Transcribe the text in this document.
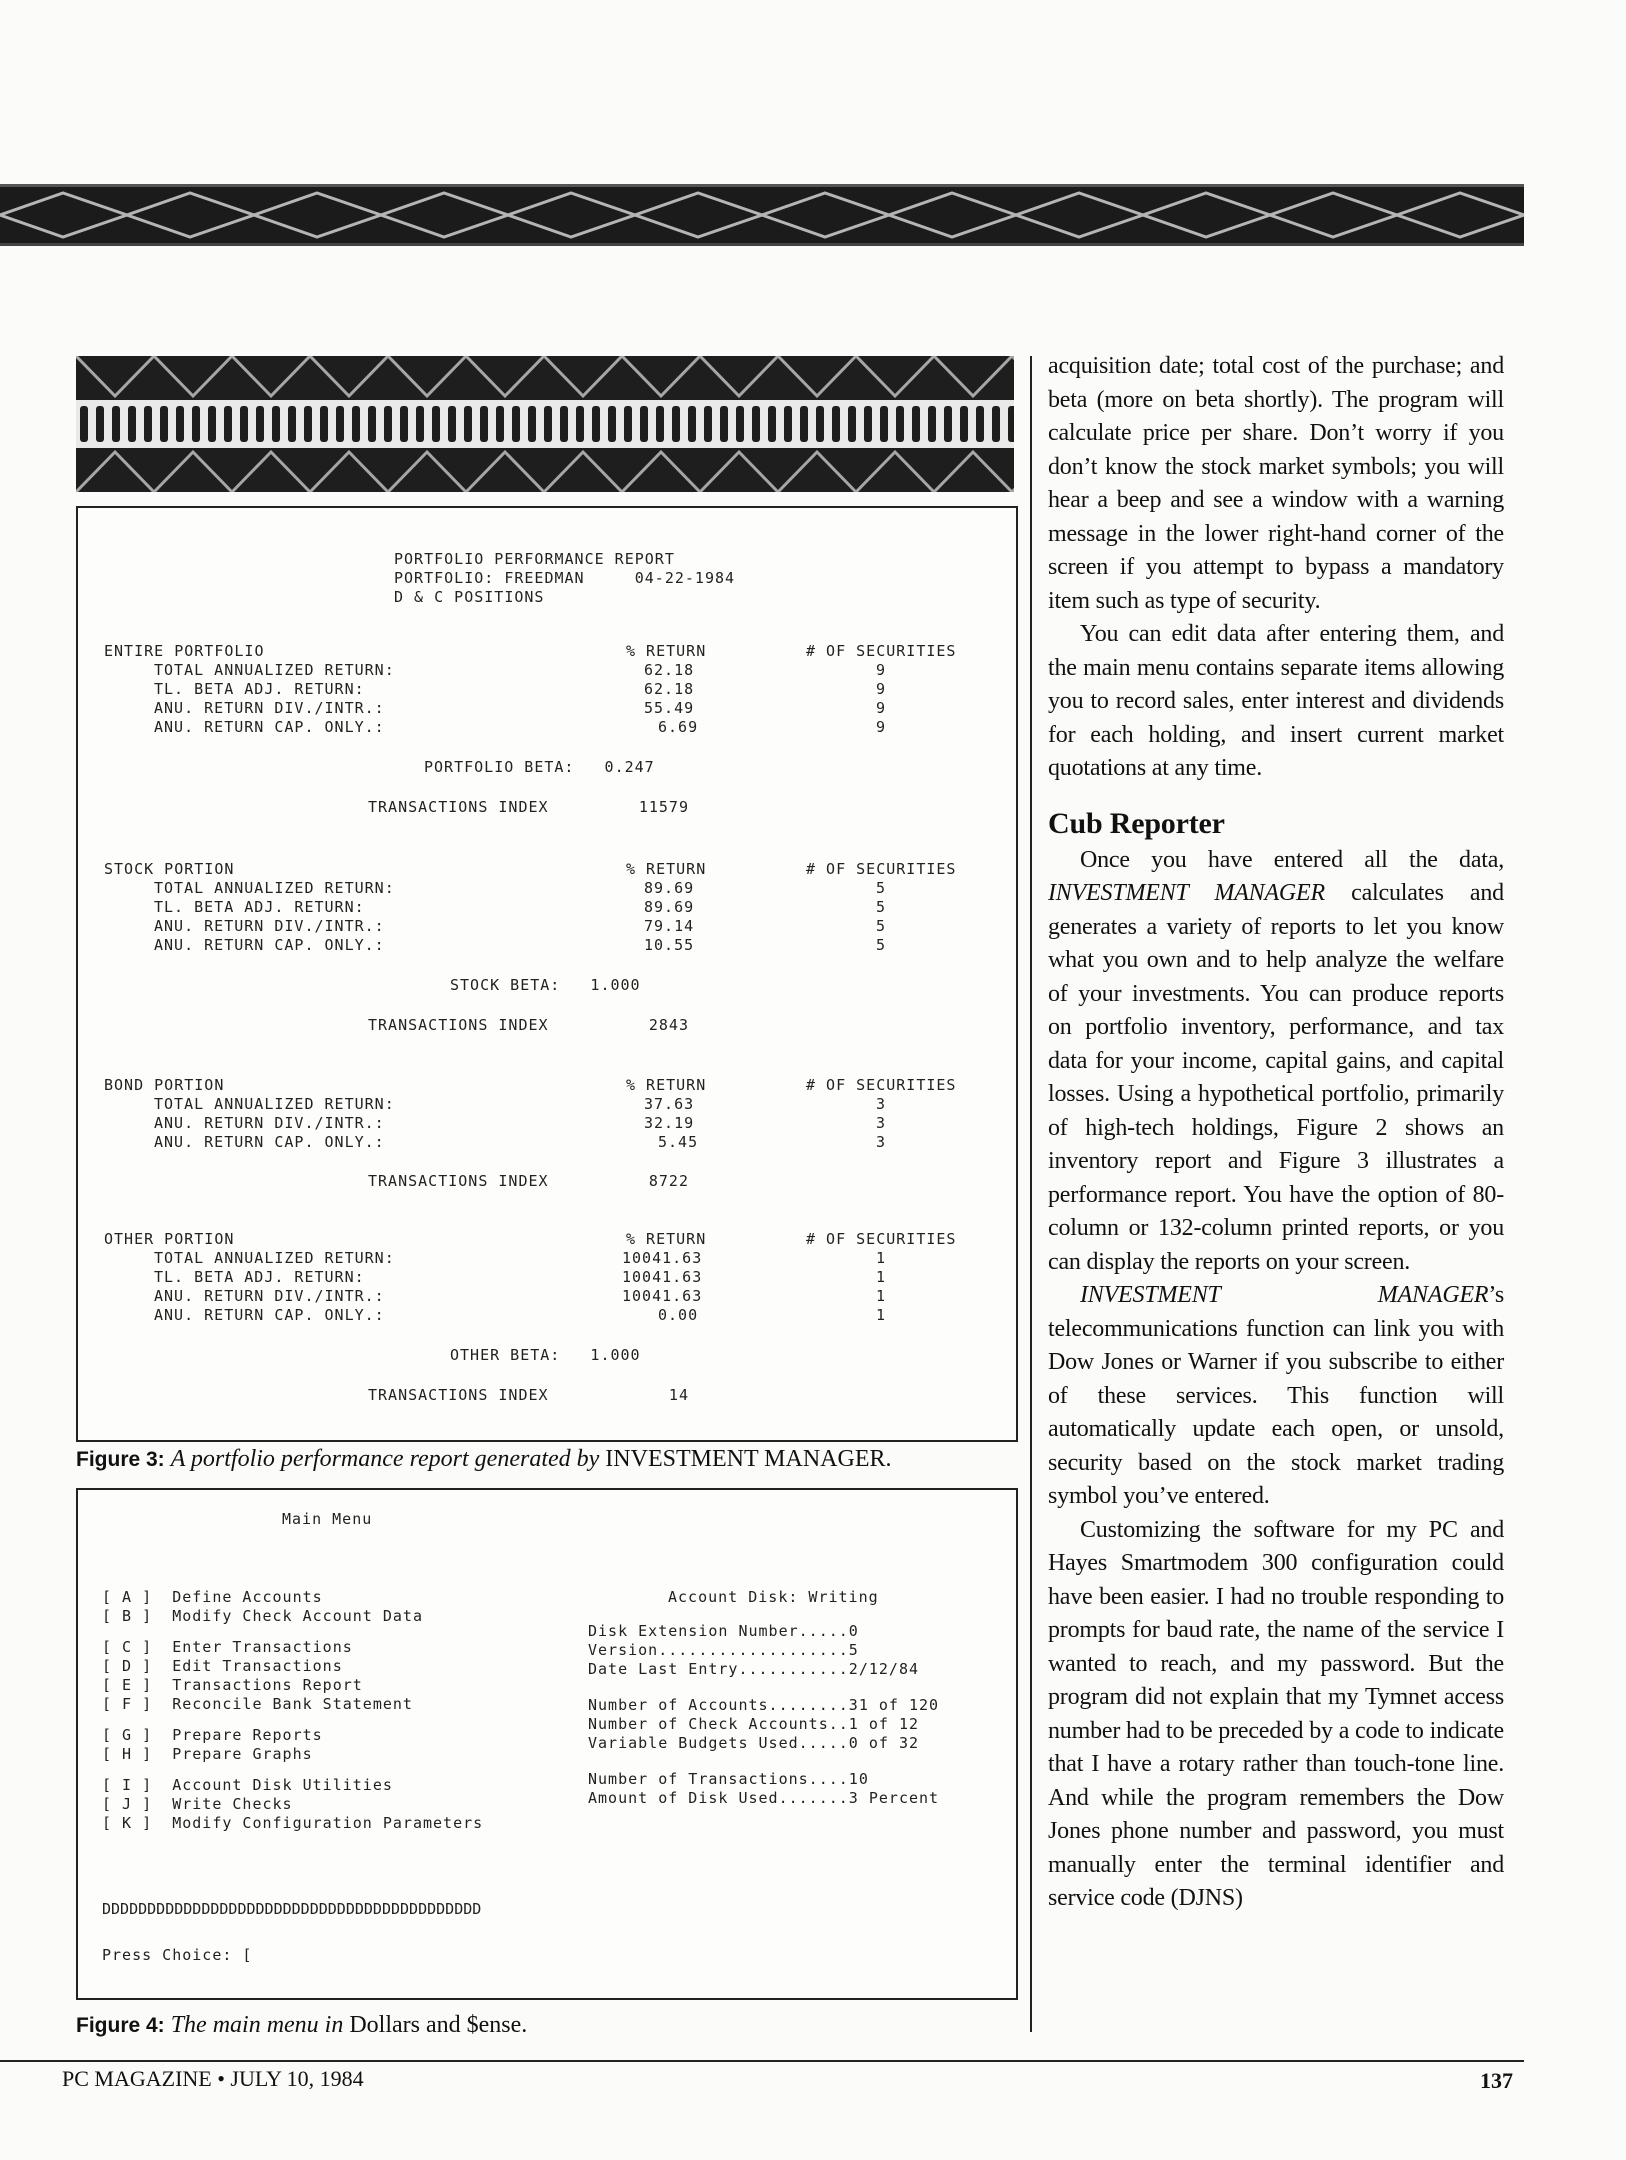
PORTFOLIO PERFORMANCE REPORT
PORTFOLIO: FREEDMAN     04-22-1984
D & C POSITIONS
ENTIRE PORTFOLIO	% RETURN	# OF SECURITIES
TOTAL ANNUALIZED RETURN:	62.18	9
TL. BETA ADJ. RETURN:	62.18	9
ANU. RETURN DIV./INTR.:	55.49	9
ANU. RETURN CAP. ONLY.:	6.69	9
PORTFOLIO BETA:   0.247
TRANSACTIONS INDEX         11579
STOCK PORTION	% RETURN	# OF SECURITIES
TOTAL ANNUALIZED RETURN:	89.69	5
TL. BETA ADJ. RETURN:	89.69	5
ANU. RETURN DIV./INTR.:	79.14	5
ANU. RETURN CAP. ONLY.:	10.55	5
STOCK BETA:   1.000
TRANSACTIONS INDEX          2843
BOND PORTION	% RETURN	# OF SECURITIES
TOTAL ANNUALIZED RETURN:	37.63	3
ANU. RETURN DIV./INTR.:	32.19	3
ANU. RETURN CAP. ONLY.:	5.45	3
TRANSACTIONS INDEX          8722
OTHER PORTION	% RETURN	# OF SECURITIES
TOTAL ANNUALIZED RETURN:	10041.63	1
TL. BETA ADJ. RETURN:	10041.63	1
ANU. RETURN DIV./INTR.:	10041.63	1
ANU. RETURN CAP. ONLY.:	0.00	1
OTHER BETA:   1.000
TRANSACTIONS INDEX            14
Figure 3: A portfolio performance report generated by INVESTMENT MANAGER.
Main Menu
[ A ]  Define Accounts
[ B ]  Modify Check Account Data
[ C ]  Enter Transactions
[ D ]  Edit Transactions
[ E ]  Transactions Report
[ F ]  Reconcile Bank Statement
[ G ]  Prepare Reports
[ H ]  Prepare Graphs
[ I ]  Account Disk Utilities
[ J ]  Write Checks
[ K ]  Modify Configuration Parameters
Account Disk: Writing
Disk Extension Number.....0
Version...................5
Date Last Entry...........2/12/84
Number of Accounts........31 of 120
Number of Check Accounts..1 of 12
Variable Budgets Used.....0 of 32
Number of Transactions....10
Amount of Disk Used.......3 Percent
DDDDDDDDDDDDDDDDDDDDDDDDDDDDDDDDDDDDDDDDDD
Press Choice: [
Figure 4: The main menu in Dollars and $ense.

acquisition date; total cost of the purchase; and beta (more on beta shortly). The program will calculate price per share. Don’t worry if you don’t know the stock market symbols; you will hear a beep and see a window with a warning message in the lower right-hand corner of the screen if you attempt to bypass a mandatory item such as type of security.

You can edit data after entering them, and the main menu contains separate items allowing you to record sales, enter interest and dividends for each holding, and insert current market quotations at any time.

Cub Reporter

Once you have entered all the data, INVESTMENT MANAGER calculates and generates a variety of reports to let you know what you own and to help analyze the welfare of your investments. You can produce reports on portfolio inventory, performance, and tax data for your income, capital gains, and capital losses. Using a hypothetical portfolio, primarily of high-tech holdings, Figure 2 shows an inventory report and Figure 3 illustrates a performance report. You have the option of 80-column or 132-column printed reports, or you can display the reports on your screen.

INVESTMENT MANAGER’s telecommunications function can link you with Dow Jones or Warner if you subscribe to either of these services. This function will automatically update each open, or unsold, security based on the stock market trading symbol you’ve entered.

Customizing the software for my PC and Hayes Smartmodem 300 configuration could have been easier. I had no trouble responding to prompts for baud rate, the name of the service I wanted to reach, and my password. But the program did not explain that my Tymnet access number had to be preceded by a code to indicate that I have a rotary rather than touch-tone line. And while the program remembers the Dow Jones phone number and password, you must manually enter the terminal identifier and service code (DJNS)

PC MAGAZINE • JULY 10, 1984	137
